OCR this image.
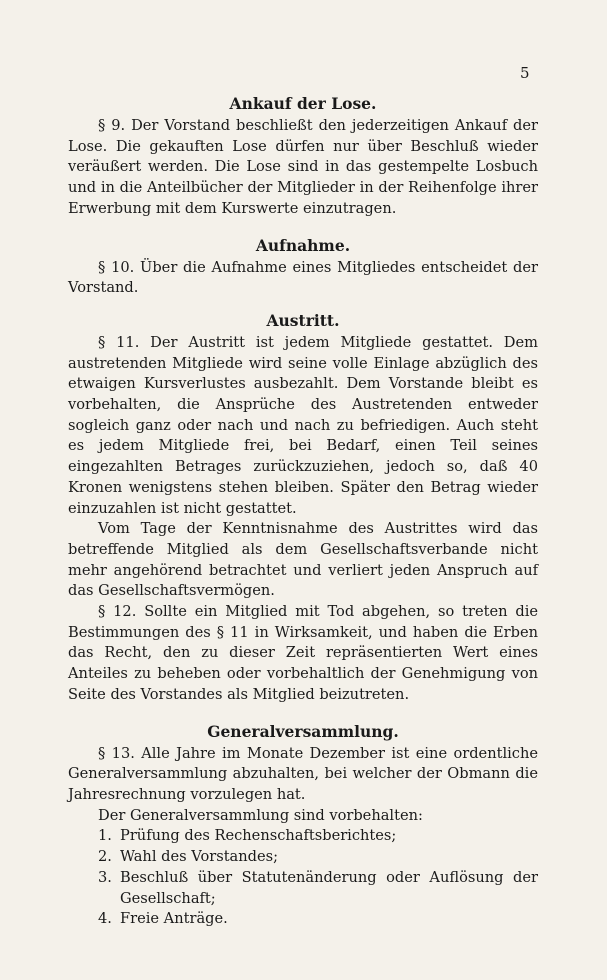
5
Ankauf der Lose.

§ 9. Der Vorstand beschließt den jederzeitigen Ankauf der Lose. Die gekauften Lose dürfen nur über Beschluß wieder veräußert werden. Die Lose sind in das gestempelte Losbuch und in die Anteilbücher der Mitglieder in der Reihenfolge ihrer Erwerbung mit dem Kurswerte einzutragen.

Aufnahme.

§ 10. Über die Aufnahme eines Mitgliedes entscheidet der Vorstand.

Austritt.

§ 11. Der Austritt ist jedem Mitgliede gestattet. Dem austretenden Mitgliede wird seine volle Einlage abzüglich des etwaigen Kursverlustes ausbezahlt. Dem Vorstande bleibt es vorbehalten, die Ansprüche des Austretenden entweder sogleich ganz oder nach und nach zu befriedigen. Auch steht es jedem Mitgliede frei, bei Bedarf, einen Teil seines eingezahlten Betrages zurückzuziehen, jedoch so, daß 40 Kronen wenigstens stehen bleiben. Später den Betrag wieder einzuzahlen ist nicht gestattet.

Vom Tage der Kenntnisnahme des Austrittes wird das betreffende Mitglied als dem Gesellschaftsverbande nicht mehr angehörend betrachtet und verliert jeden Anspruch auf das Gesellschaftsvermögen.

§ 12. Sollte ein Mitglied mit Tod abgehen, so treten die Bestimmungen des § 11 in Wirksamkeit, und haben die Erben das Recht, den zu dieser Zeit repräsentierten Wert eines Anteiles zu beheben oder vorbehaltlich der Genehmigung von Seite des Vorstandes als Mitglied beizutreten.

Generalversammlung.

§ 13. Alle Jahre im Monate Dezember ist eine ordentliche Generalversammlung abzuhalten, bei welcher der Obmann die Jahresrechnung vorzulegen hat.

Der Generalversammlung sind vorbehalten:

1. Prüfung des Rechenschaftsberichtes;
2. Wahl des Vorstandes;
3. Beschluß über Statutenänderung oder Auflösung der Gesellschaft;
4. Freie Anträge.
